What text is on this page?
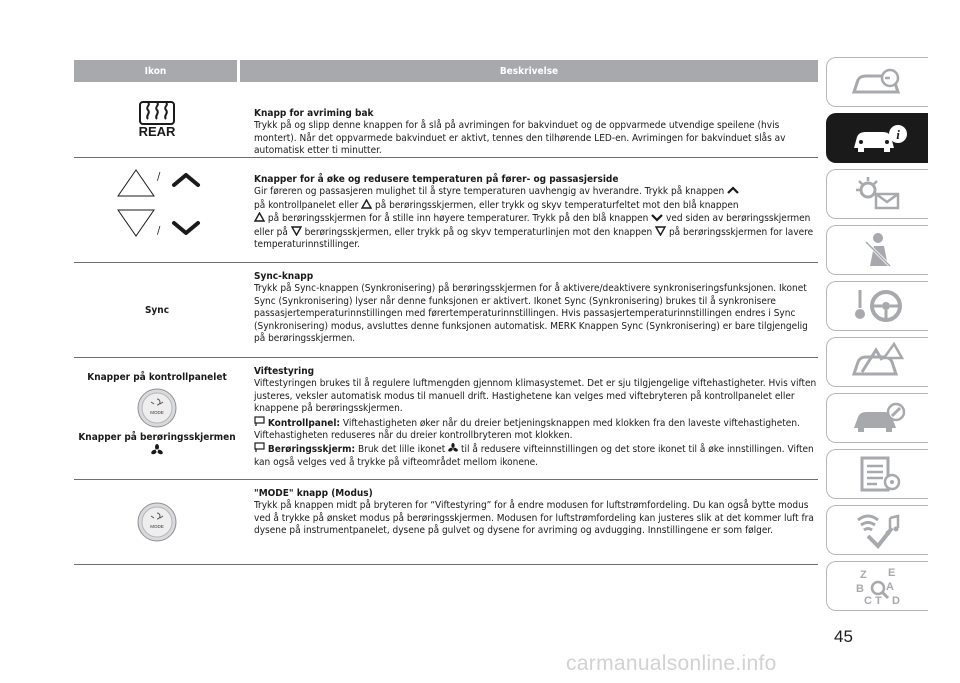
Ikon	Beskrivelse
REAR
Knapp for avriming bak
Trykk på og slipp denne knappen for å slå på avrimingen for bakvinduet og de oppvarmede utvendige speilene (hvis montert). Når det oppvarmede bakvinduet er aktivt, tennes den tilhørende LED-en. Avrimingen for bakvinduet slås av automatisk etter ti minutter.
/
/
Knapper for å øke og redusere temperaturen på fører- og passasjerside
Gir føreren og passasjeren mulighet til å styre temperaturen uavhengig av hverandre. Trykk på knappen
på kontrollpanelet eller på berøringsskjermen, eller trykk og skyv temperaturfeltet mot den blå knappen
på berøringsskjermen for å stille inn høyere temperaturer. Trykk på den blå knappen ved siden av berøringsskjermen eller på berøringsskjermen, eller trykk på og skyv temperaturlinjen mot den knappen på berøringsskjermen for lavere temperaturinnstillinger.
Sync
Sync-knapp
Trykk på Sync-knappen (Synkronisering) på berøringsskjermen for å aktivere/deaktivere synkroniseringsfunksjonen. Ikonet Sync (Synkronisering) lyser når denne funksjonen er aktivert. Ikonet Sync (Synkronisering) brukes til å synkronisere passasjertemperaturinnstillingen med førertemperaturinnstillingen. Hvis passasjertemperaturinnstillingen endres i Sync (Synkronisering) modus, avsluttes denne funksjonen automatisk. MERK Knappen Sync (Synkronisering) er bare tilgjengelig på berøringsskjermen.
Knapper på kontrollpanelet
MODE
Knapper på berøringsskjermen
Viftestyring
Viftestyringen brukes til å regulere luftmengden gjennom klimasystemet. Det er sju tilgjengelige viftehastigheter. Hvis viften justeres, veksler automatisk modus til manuell drift. Hastighetene kan velges med viftebryteren på kontrollpanelet eller knappene på berøringsskjermen.
Kontrollpanel: Viftehastigheten øker når du dreier betjeningsknappen med klokken fra den laveste viftehastigheten. Viftehastigheten reduseres når du dreier kontrollbryteren mot klokken.
Berøringsskjerm: Bruk det lille ikonet til å redusere vifteinnstillingen og det store ikonet til å øke innstillingen. Viften kan også velges ved å trykke på vifteområdet mellom ikonene.
MODE
"MODE" knapp (Modus)
Trykk på knappen midt på bryteren for “Viftestyring” for å endre modusen for luftstrømfordeling. Du kan også bytte modus ved å trykke på ønsket modus på berøringsskjermen. Modusen for luftstrømfordeling kan justeres slik at det kommer luft fra dysene på instrumentpanelet, dysene på gulvet og dysene for avriming og avdugging. Innstillingene er som følger.
i
Z E
A
B
C T D
45
carmanualsonline.info
